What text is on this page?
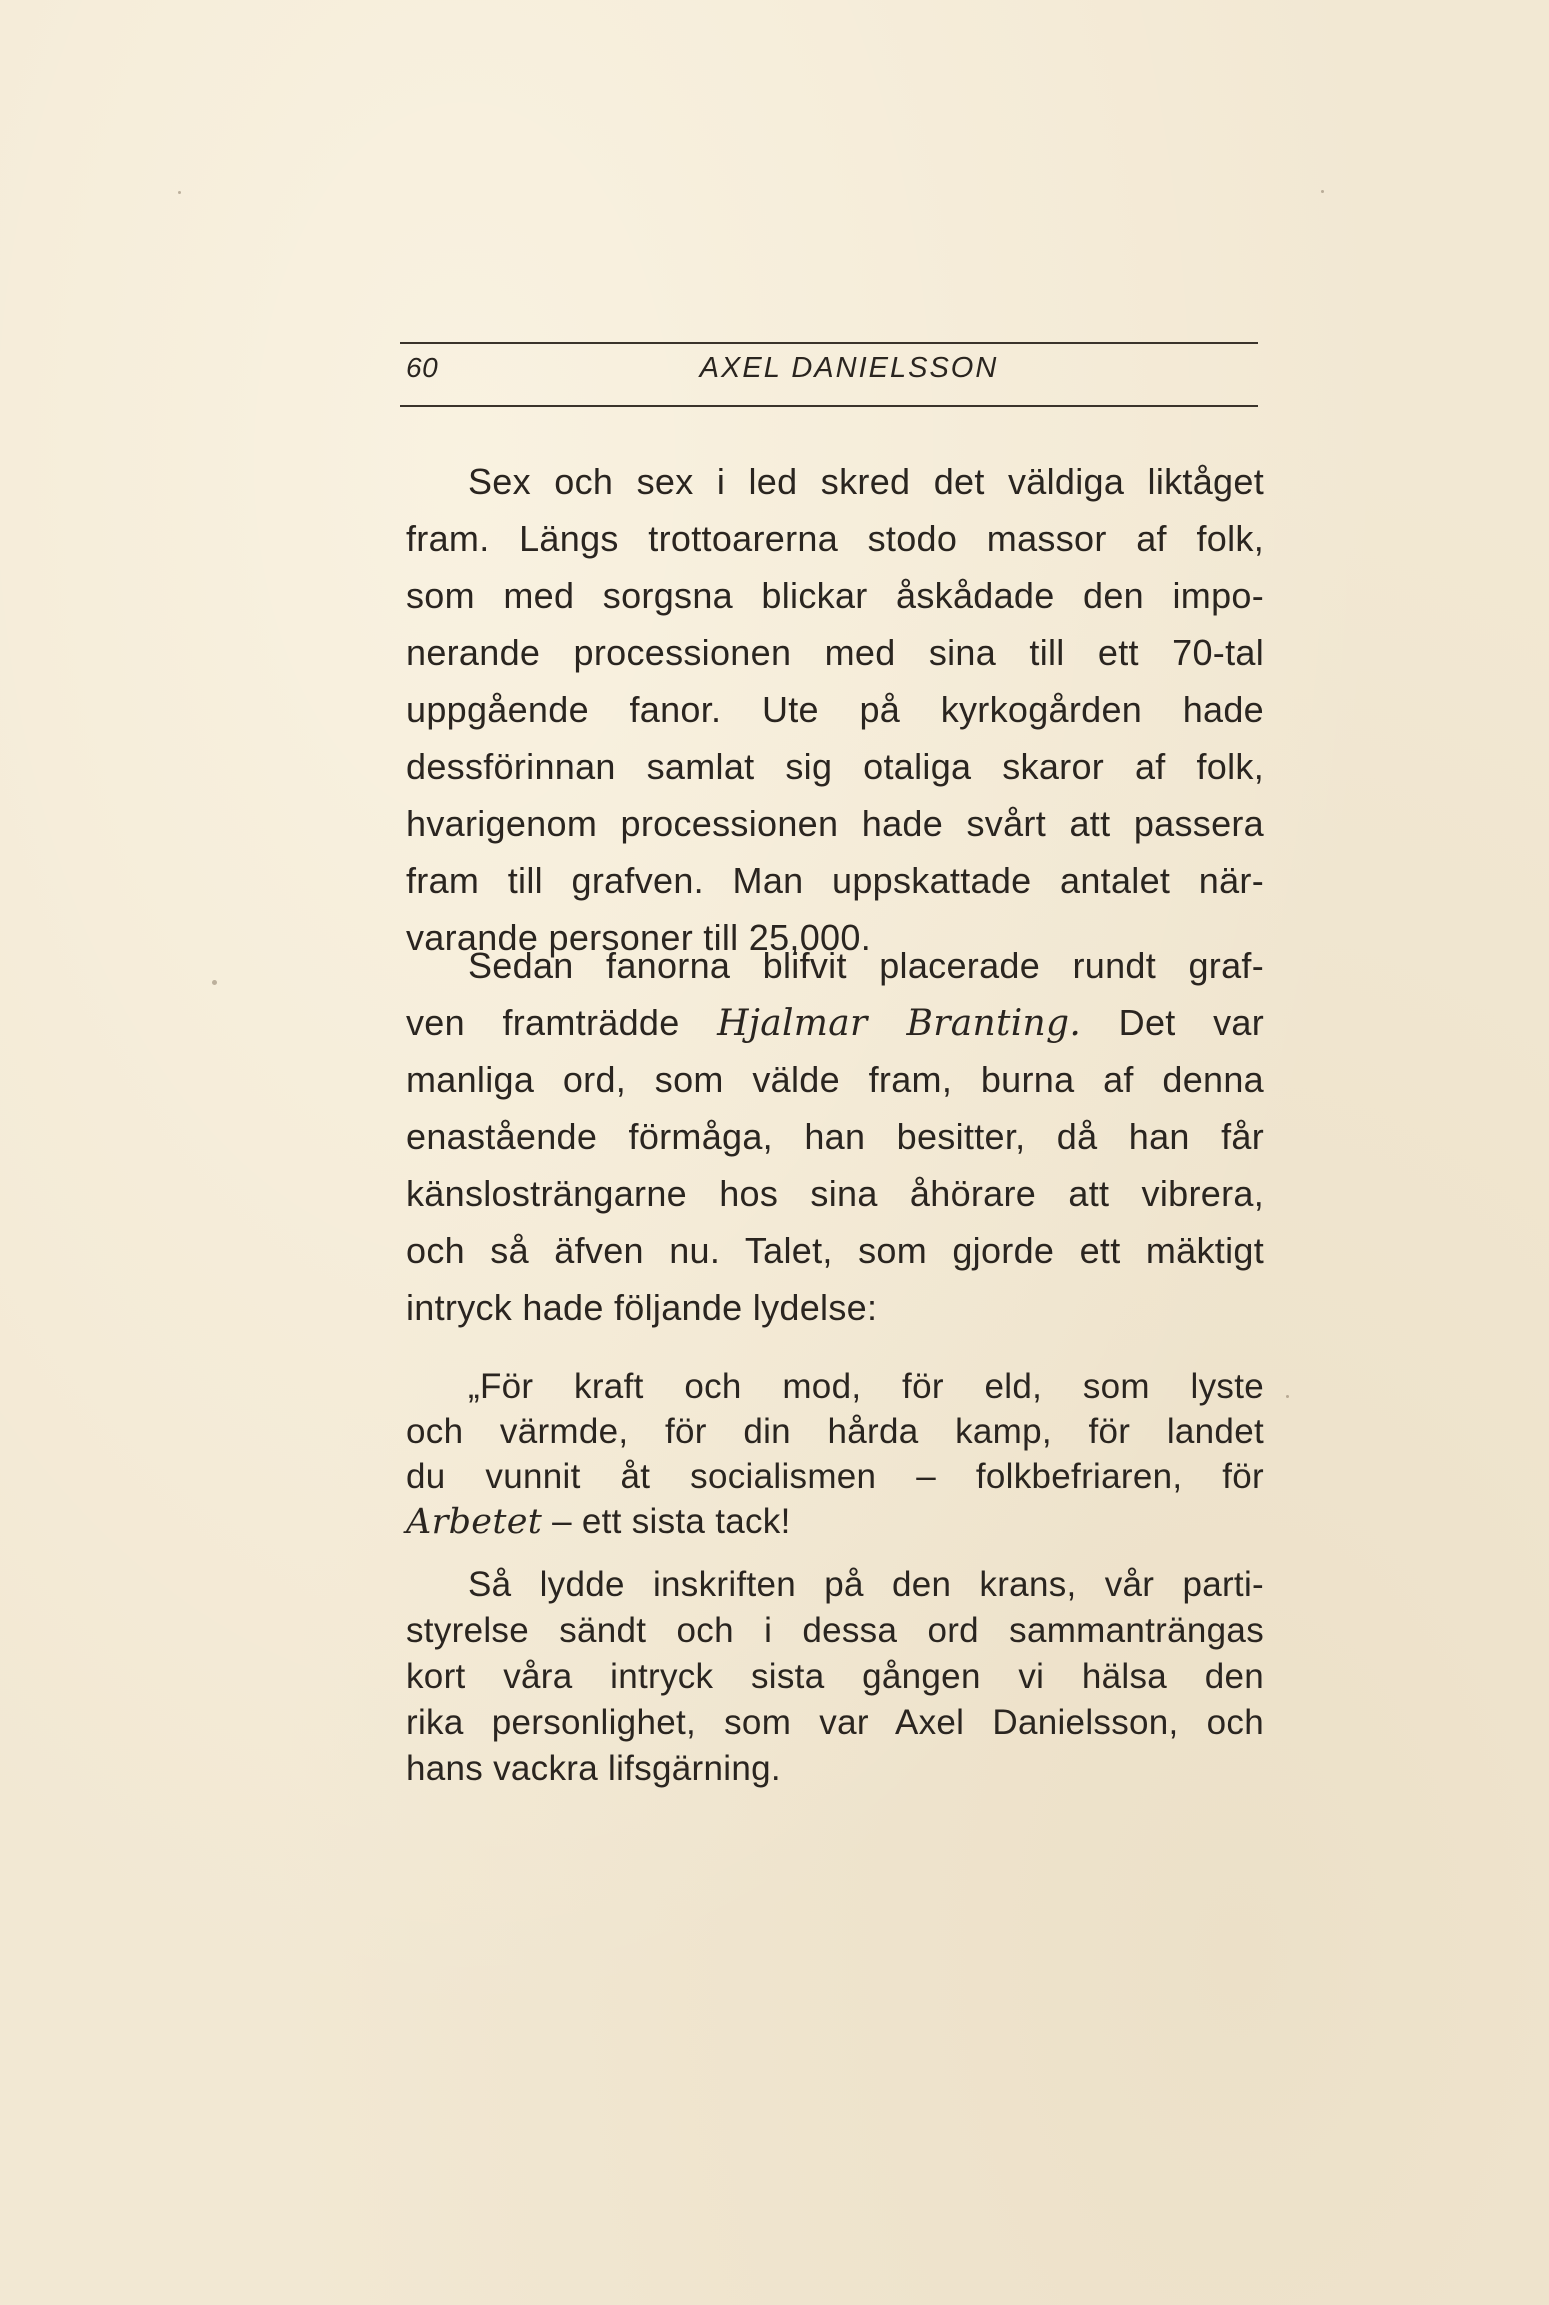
60	AXEL DANIELSSON
Sex och sex i led skred det väldiga liktåget
fram. Längs trottoarerna stodo massor af folk,
som med sorgsna blickar åskådade den impo-
nerande processionen med sina till ett 70-tal
uppgående fanor. Ute på kyrkogården hade
dessförinnan samlat sig otaliga skaror af folk,
hvarigenom processionen hade svårt att passera
fram till grafven. Man uppskattade antalet när-
varande personer till 25,000.
Sedan fanorna blifvit placerade rundt graf-
ven framträdde Hjalmar Branting. Det var
manliga ord, som välde fram, burna af denna
enastående förmåga, han besitter, då han får
känslosträngarne hos sina åhörare att vibrera,
och så äfven nu. Talet, som gjorde ett mäktigt
intryck hade följande lydelse:
„För kraft och mod, för eld, som lyste
och värmde, för din hårda kamp, för landet
du vunnit åt socialismen – folkbefriaren, för
Arbetet – ett sista tack!
Så lydde inskriften på den krans, vår parti-
styrelse sändt och i dessa ord sammanträngas
kort våra intryck sista gången vi hälsa den
rika personlighet, som var Axel Danielsson, och
hans vackra lifsgärning.
